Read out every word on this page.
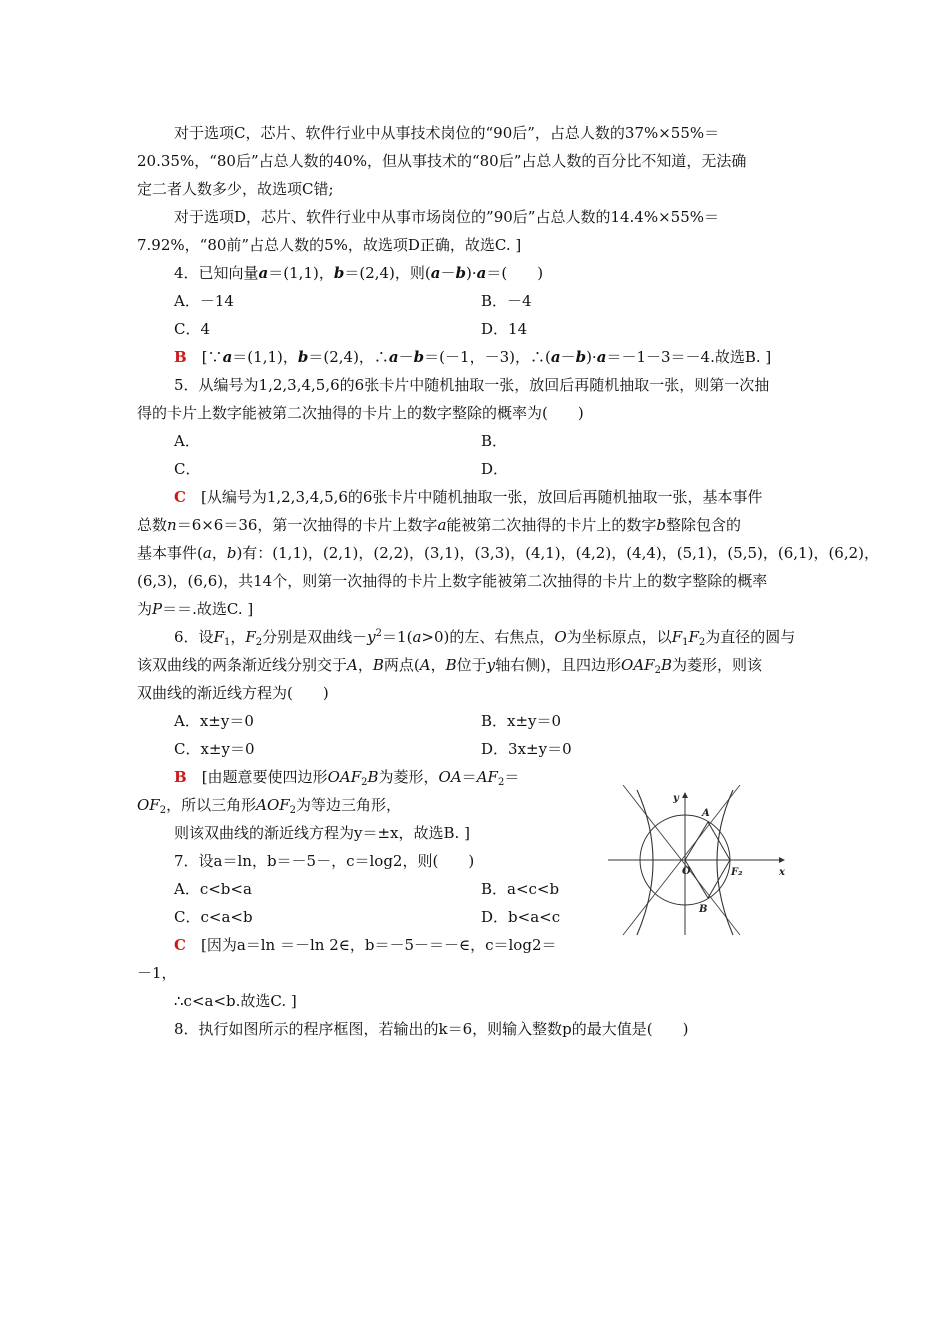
对于选项C，芯片、软件行业中从事技术岗位的“90后”，占总人数的37%×55%＝
20.35%，“80后”占总人数的40%，但从事技术的“80后”占总人数的百分比不知道，无法确
定二者人数多少，故选项C错;
对于选项D，芯片、软件行业中从事市场岗位的”90后”占总人数的14.4%×55%＝
7.92%，“80前”占总人数的5%，故选项D正确，故选C. ]
4．已知向量a＝(1,1)，b＝(2,4)，则(a－b)·a＝(　　)
A．－14	B．－4
C．4	D．14
B　 [∵a＝(1,1)，b＝(2,4)，∴a－b＝(－1，－3)，∴(a－b)·a＝－1－3＝－4.故选B. ]
5．从编号为1,2,3,4,5,6的6张卡片中随机抽取一张，放回后再随机抽取一张，则第一次抽
得的卡片上数字能被第二次抽得的卡片上的数字整除的概率为(　　)
A．	B．
C．	D．
C　 [从编号为1,2,3,4,5,6的6张卡片中随机抽取一张，放回后再随机抽取一张，基本事件
总数n＝6×6＝36，第一次抽得的卡片上数字a能被第二次抽得的卡片上的数字b整除包含的
基本事件(a，b)有：(1,1)，(2,1)，(2,2)，(3,1)，(3,3)，(4,1)，(4,2)，(4,4)，(5,1)，(5,5)，(6,1)，(6,2)，
(6,3)，(6,6)，共14个，则第一次抽得的卡片上数字能被第二次抽得的卡片上的数字整除的概率
为P＝＝.故选C. ]
6．设$F_1$，$F_2$分别是双曲线$-y^2=1(a>0)$的左、右焦点，O为坐标原点，以$F_1F_2$为直径的圆与
该双曲线的两条渐近线分别交于A，B两点(A，B位于y轴右侧)，且四边形$OAF_2B$为菱形，则该
双曲线的渐近线方程为(　　)
A．x±y＝0	B．x±y＝0
C．x±y＝0	D．3x±y＝0
B　 [由题意要使四边形$OAF_2B$为菱形，$OA=AF_2=$
$OF_2$，所以三角形$AOF_2$为等边三角形，
则该双曲线的渐近线方程为y＝±x，故选B. ]
7．设a＝ln，b＝－5－，c＝log2，则(　　)
A．c<b<a	B．a<c<b
C．c<a<b	D．b<a<c
C　 [因为a＝ln ＝－ln 2∈，b＝－5－＝－∈，c＝log2＝
－1，
∴c<a<b.故选C. ]
8．执行如图所示的程序框图，若输出的k＝6，则输入整数p的最大值是(　　)
y
x
A
B
O	F₂
